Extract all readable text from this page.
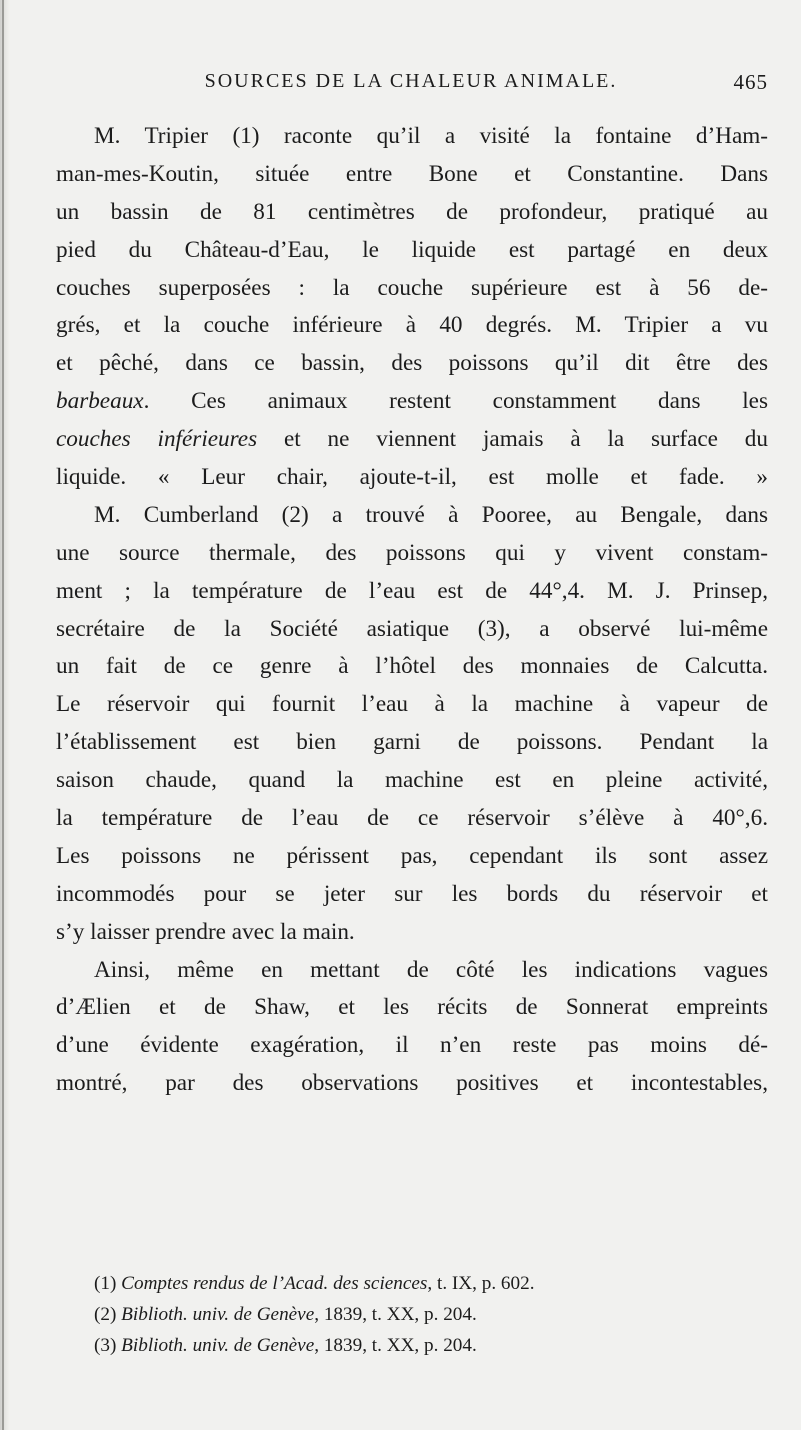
SOURCES DE LA CHALEUR ANIMALE.	465
M. Tripier (1) raconte qu’il a visité la fontaine d’Ham-
man-mes-Koutin, située entre Bone et Constantine. Dans
un bassin de 81 centimètres de profondeur, pratiqué au
pied du Château-d’Eau, le liquide est partagé en deux
couches superposées : la couche supérieure est à 56 de-
grés, et la couche inférieure à 40 degrés. M. Tripier a vu
et pêché, dans ce bassin, des poissons qu’il dit être des
barbeaux. Ces animaux restent constamment dans les
couches inférieures et ne viennent jamais à la surface du
liquide. « Leur chair, ajoute-t-il, est molle et fade. »
M. Cumberland (2) a trouvé à Pooree, au Bengale, dans
une source thermale, des poissons qui y vivent constam-
ment ; la température de l’eau est de 44°,4. M. J. Prinsep,
secrétaire de la Société asiatique (3), a observé lui-même
un fait de ce genre à l’hôtel des monnaies de Calcutta.
Le réservoir qui fournit l’eau à la machine à vapeur de
l’établissement est bien garni de poissons. Pendant la
saison chaude, quand la machine est en pleine activité,
la température de l’eau de ce réservoir s’élève à 40°,6.
Les poissons ne périssent pas, cependant ils sont assez
incommodés pour se jeter sur les bords du réservoir et
s’y laisser prendre avec la main.
Ainsi, même en mettant de côté les indications vagues
d’Ælien et de Shaw, et les récits de Sonnerat empreints
d’une évidente exagération, il n’en reste pas moins dé-
montré, par des observations positives et incontestables,
(1) Comptes rendus de l’Acad. des sciences, t. IX, p. 602.
(2) Biblioth. univ. de Genève, 1839, t. XX, p. 204.
(3) Biblioth. univ. de Genève, 1839, t. XX, p. 204.
